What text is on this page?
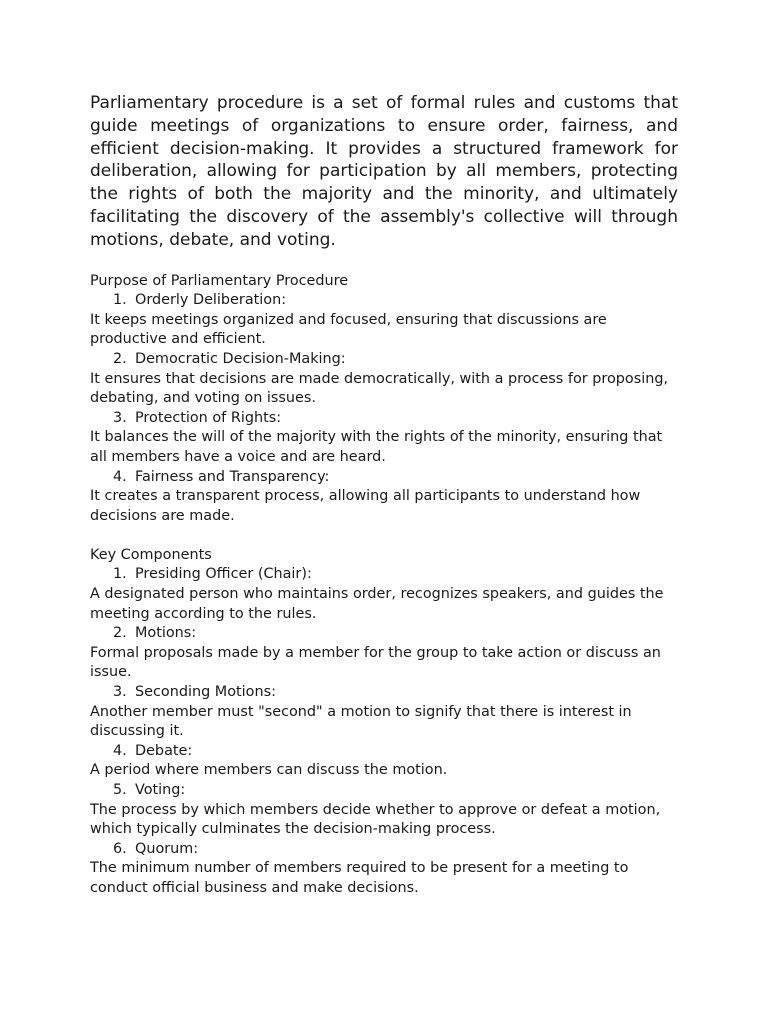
Parliamentary procedure is a set of formal rules and customs that guide meetings of organizations to ensure order, fairness, and efficient decision-making. It provides a structured framework for deliberation, allowing for participation by all members, protecting the rights of both the majority and the minority, and ultimately facilitating the discovery of the assembly's collective will through motions, debate, and voting.

Purpose of Parliamentary Procedure

1. Orderly Deliberation:

It keeps meetings organized and focused, ensuring that discussions are productive and efficient.

2. Democratic Decision-Making:

It ensures that decisions are made democratically, with a process for proposing, debating, and voting on issues.

3. Protection of Rights:

It balances the will of the majority with the rights of the minority, ensuring that all members have a voice and are heard.

4. Fairness and Transparency:

It creates a transparent process, allowing all participants to understand how decisions are made.

Key Components

1. Presiding Officer (Chair):

A designated person who maintains order, recognizes speakers, and guides the meeting according to the rules.

2. Motions:

Formal proposals made by a member for the group to take action or discuss an issue.

3. Seconding Motions:

Another member must "second" a motion to signify that there is interest in discussing it.

4. Debate:

A period where members can discuss the motion.

5. Voting:

The process by which members decide whether to approve or defeat a motion, which typically culminates the decision-making process.

6. Quorum:

The minimum number of members required to be present for a meeting to conduct official business and make decisions.
